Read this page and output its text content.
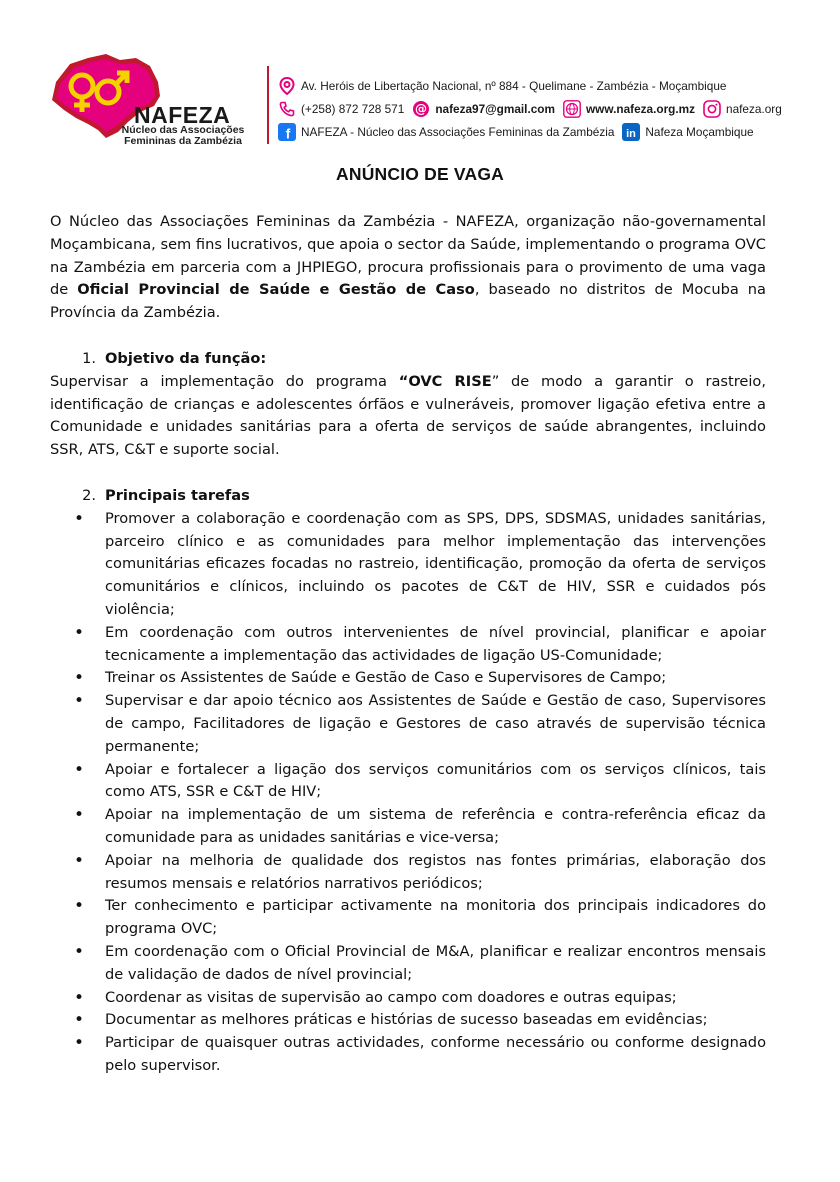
NAFEZA
Núcleo das Associações
Femininas da Zambézia
Av. Heróis de Libertação Nacional, nº 884 - Quelimane - Zambézia - Moçambique
(+258) 872 728 571 @ nafeza97@gmail.com	www.nafeza.org.mz	nafeza.org
f NAFEZA - Núcleo das Associações Femininas da Zambézia in Nafeza Moçambique
ANÚNCIO DE VAGA

O Núcleo das Associações Femininas da Zambézia - NAFEZA, organização não-governamental Moçambicana, sem fins lucrativos, que apoia o sector da Saúde, implementando o programa OVC na Zambézia em parceria com a JHPIEGO, procura profissionais para o provimento de uma vaga de Oficial Provincial de Saúde e Gestão de Caso, baseado no distritos de Mocuba na Província da Zambézia.

1. Objetivo da função:

Supervisar a implementação do programa “OVC RISE” de modo a garantir o rastreio, identificação de crianças e adolescentes órfãos e vulneráveis, promover ligação efetiva entre a Comunidade e unidades sanitárias para a oferta de serviços de saúde abrangentes, incluindo SSR, ATS, C&T e suporte social.

2. Principais tarefas
• Promover a colaboração e coordenação com as SPS, DPS, SDSMAS, unidades sanitárias, parceiro clínico e as comunidades para melhor implementação das intervenções comunitárias eficazes focadas no rastreio, identificação, promoção da oferta de serviços comunitários e clínicos, incluindo os pacotes de C&T de HIV, SSR e cuidados pós violência;
• Em coordenação com outros intervenientes de nível provincial, planificar e apoiar tecnicamente a implementação das actividades de ligação US-Comunidade;
• Treinar os Assistentes de Saúde e Gestão de Caso e Supervisores de Campo;
• Supervisar e dar apoio técnico aos Assistentes de Saúde e Gestão de caso, Supervisores de campo, Facilitadores de ligação e Gestores de caso através de supervisão técnica permanente;
• Apoiar e fortalecer a ligação dos serviços comunitários com os serviços clínicos, tais como ATS, SSR e C&T de HIV;
• Apoiar na implementação de um sistema de referência e contra-referência eficaz da comunidade para as unidades sanitárias e vice-versa;
• Apoiar na melhoria de qualidade dos registos nas fontes primárias, elaboração dos resumos mensais e relatórios narrativos periódicos;
• Ter conhecimento e participar activamente na monitoria dos principais indicadores do programa OVC;
• Em coordenação com o Oficial Provincial de M&A, planificar e realizar encontros mensais de validação de dados de nível provincial;
• Coordenar as visitas de supervisão ao campo com doadores e outras equipas;
• Documentar as melhores práticas e histórias de sucesso baseadas em evidências;
• Participar de quaisquer outras actividades, conforme necessário ou conforme designado pelo supervisor.
